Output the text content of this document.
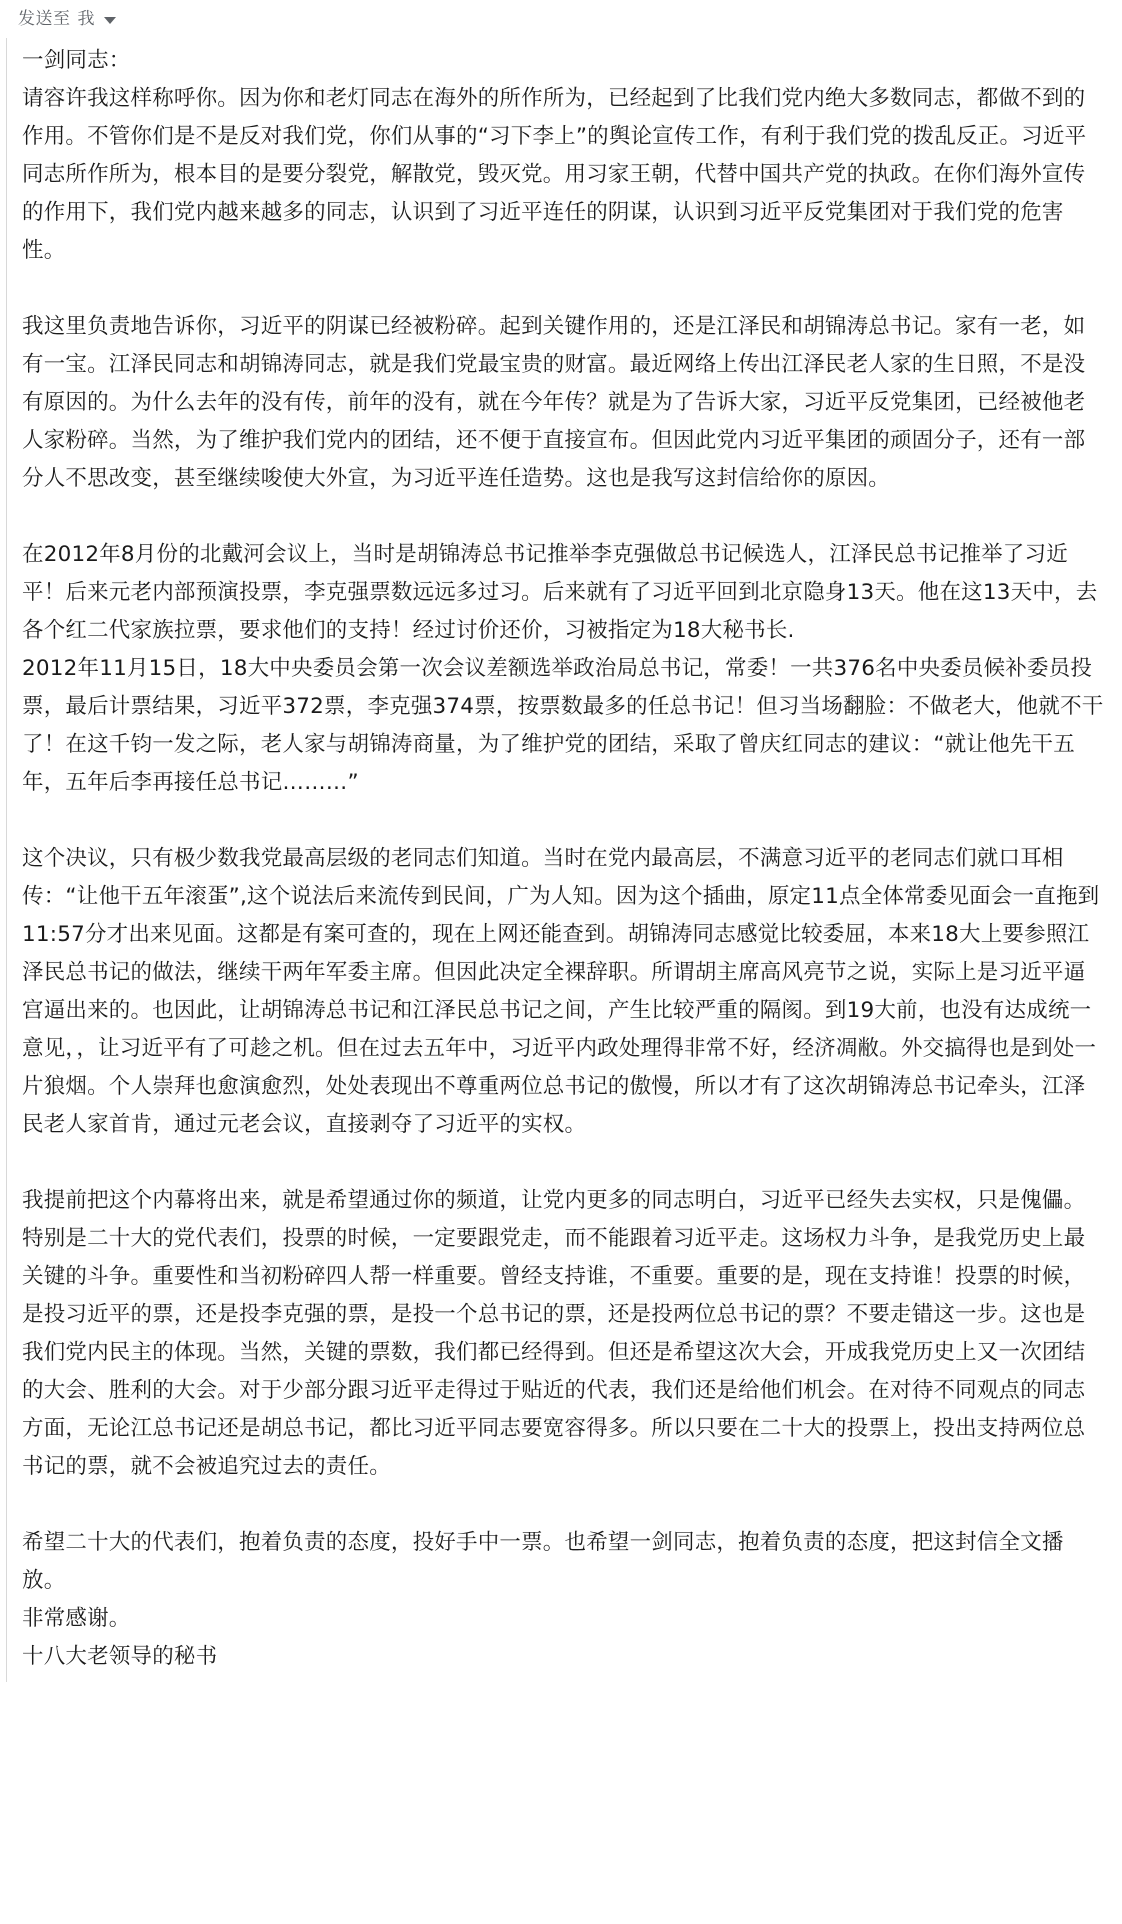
发送至 我

一剑同志：

请容许我这样称呼你。因为你和老灯同志在海外的所作所为，已经起到了比我们党内绝大多数同志，都做不到的作用。不管你们是不是反对我们党，你们从事的“习下李上”的舆论宣传工作，有利于我们党的拨乱反正。习近平同志所作所为，根本目的是要分裂党，解散党，毁灭党。用习家王朝，代替中国共产党的执政。在你们海外宣传的作用下，我们党内越来越多的同志，认识到了习近平连任的阴谋，认识到习近平反党集团对于我们党的危害性。

我这里负责地告诉你，习近平的阴谋已经被粉碎。起到关键作用的，还是江泽民和胡锦涛总书记。家有一老，如有一宝。江泽民同志和胡锦涛同志，就是我们党最宝贵的财富。最近网络上传出江泽民老人家的生日照，不是没有原因的。为什么去年的没有传，前年的没有，就在今年传？就是为了告诉大家，习近平反党集团，已经被他老人家粉碎。当然，为了维护我们党内的团结，还不便于直接宣布。但因此党内习近平集团的顽固分子，还有一部分人不思改变，甚至继续唆使大外宣，为习近平连任造势。这也是我写这封信给你的原因。

在2012年8月份的北戴河会议上，当时是胡锦涛总书记推举李克强做总书记候选人，江泽民总书记推举了习近平！后来元老内部预演投票，李克强票数远远多过习。后来就有了习近平回到北京隐身13天。他在这13天中，去各个红二代家族拉票，要求他们的支持！经过讨价还价，习被指定为18大秘书长.

2012年11月15日，18大中央委员会第一次会议差额选举政治局总书记，常委！一共376名中央委员候补委员投票，最后计票结果，习近平372票，李克强374票，按票数最多的任总书记！但习当场翻脸：不做老大，他就不干了！在这千钧一发之际，老人家与胡锦涛商量，为了维护党的团结，采取了曾庆红同志的建议：“就让他先干五年，五年后李再接任总书记………”

这个决议，只有极少数我党最高层级的老同志们知道。当时在党内最高层，不满意习近平的老同志们就口耳相传：“让他干五年滚蛋”,这个说法后来流传到民间，广为人知。因为这个插曲，原定11点全体常委见面会一直拖到11:57分才出来见面。这都是有案可查的，现在上网还能查到。胡锦涛同志感觉比较委屈，本来18大上要参照江泽民总书记的做法，继续干两年军委主席。但因此决定全裸辞职。所谓胡主席高风亮节之说，实际上是习近平逼宫逼出来的。也因此，让胡锦涛总书记和江泽民总书记之间，产生比较严重的隔阂。到19大前，也没有达成统一意见，，让习近平有了可趁之机。但在过去五年中，习近平内政处理得非常不好，经济凋敝。外交搞得也是到处一片狼烟。个人崇拜也愈演愈烈，处处表现出不尊重两位总书记的傲慢，所以才有了这次胡锦涛总书记牵头，江泽民老人家首肯，通过元老会议，直接剥夺了习近平的实权。

我提前把这个内幕将出来，就是希望通过你的频道，让党内更多的同志明白，习近平已经失去实权，只是傀儡。特别是二十大的党代表们，投票的时候，一定要跟党走，而不能跟着习近平走。这场权力斗争，是我党历史上最关键的斗争。重要性和当初粉碎四人帮一样重要。曾经支持谁，不重要。重要的是，现在支持谁！投票的时候，是投习近平的票，还是投李克强的票，是投一个总书记的票，还是投两位总书记的票？不要走错这一步。这也是我们党内民主的体现。当然，关键的票数，我们都已经得到。但还是希望这次大会，开成我党历史上又一次团结的大会、胜利的大会。对于少部分跟习近平走得过于贴近的代表，我们还是给他们机会。在对待不同观点的同志方面，无论江总书记还是胡总书记，都比习近平同志要宽容得多。所以只要在二十大的投票上，投出支持两位总书记的票，就不会被追究过去的责任。

希望二十大的代表们，抱着负责的态度，投好手中一票。也希望一剑同志，抱着负责的态度，把这封信全文播放。

非常感谢。

十八大老领导的秘书
